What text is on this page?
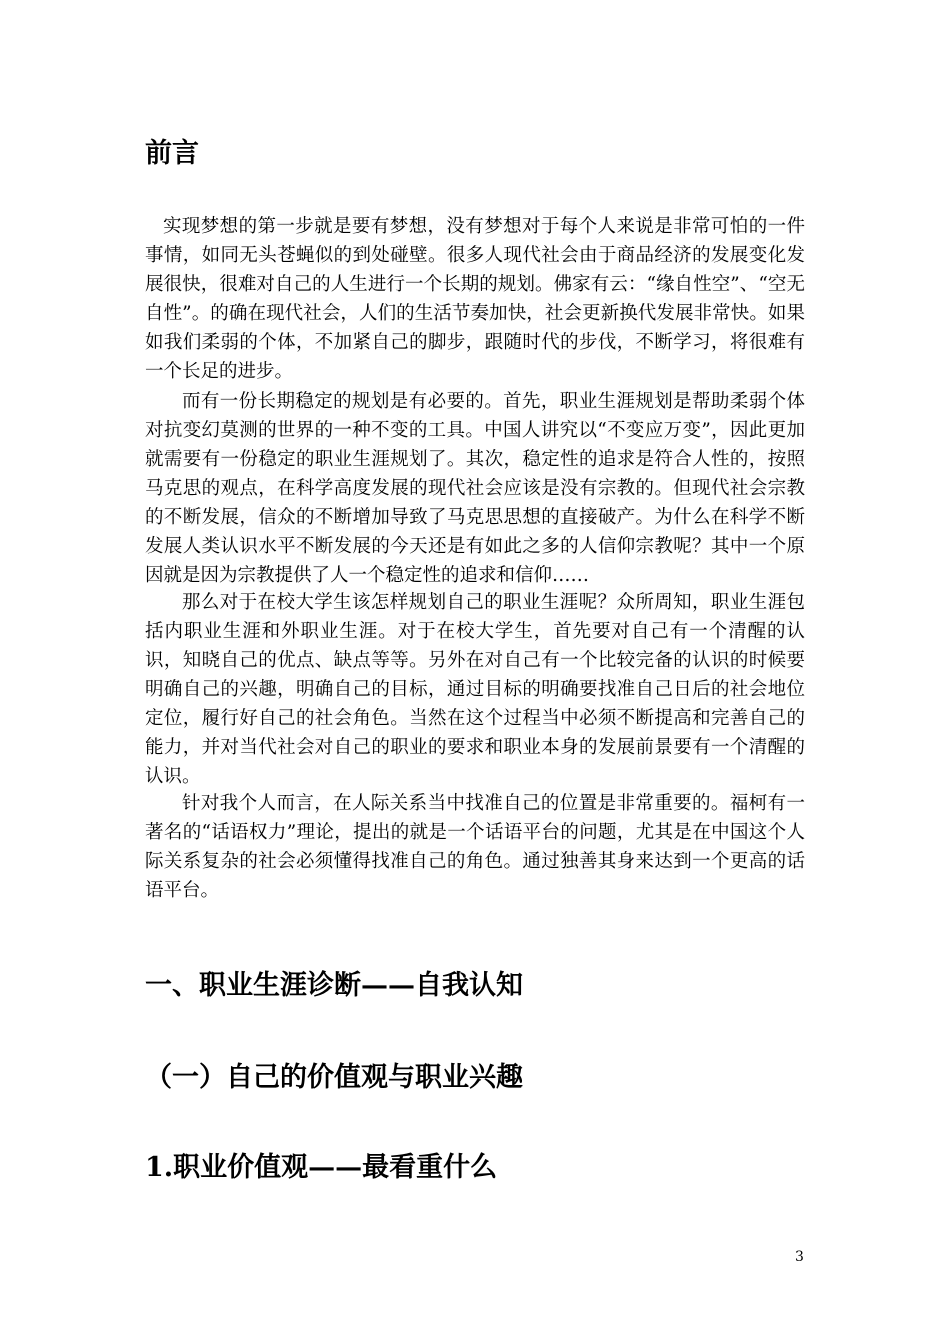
前言

实现梦想的第一步就是要有梦想，没有梦想对于每个人来说是非常可怕的一件事情，如同无头苍蝇似的到处碰壁。很多人现代社会由于商品经济的发展变化发展很快，很难对自己的人生进行一个长期的规划。佛家有云：“缘自性空”、“空无自性”。的确在现代社会，人们的生活节奏加快，社会更新换代发展非常快。如果如我们柔弱的个体，不加紧自己的脚步，跟随时代的步伐，不断学习，将很难有一个长足的进步。

而有一份长期稳定的规划是有必要的。首先，职业生涯规划是帮助柔弱个体对抗变幻莫测的世界的一种不变的工具。中国人讲究以“不变应万变”，因此更加就需要有一份稳定的职业生涯规划了。其次，稳定性的追求是符合人性的，按照马克思的观点，在科学高度发展的现代社会应该是没有宗教的。但现代社会宗教的不断发展，信众的不断增加导致了马克思思想的直接破产。为什么在科学不断发展人类认识水平不断发展的今天还是有如此之多的人信仰宗教呢？其中一个原因就是因为宗教提供了人一个稳定性的追求和信仰……

那么对于在校大学生该怎样规划自己的职业生涯呢？众所周知，职业生涯包括内职业生涯和外职业生涯。对于在校大学生，首先要对自己有一个清醒的认识，知晓自己的优点、缺点等等。另外在对自己有一个比较完备的认识的时候要明确自己的兴趣，明确自己的目标，通过目标的明确要找准自己日后的社会地位定位，履行好自己的社会角色。当然在这个过程当中必须不断提高和完善自己的能力，并对当代社会对自己的职业的要求和职业本身的发展前景要有一个清醒的认识。

针对我个人而言，在人际关系当中找准自己的位置是非常重要的。福柯有一著名的“话语权力”理论，提出的就是一个话语平台的问题，尤其是在中国这个人际关系复杂的社会必须懂得找准自己的角色。通过独善其身来达到一个更高的话语平台。

一、职业生涯诊断——自我认知
（一）自己的价值观与职业兴趣
1.职业价值观——最看重什么
3
